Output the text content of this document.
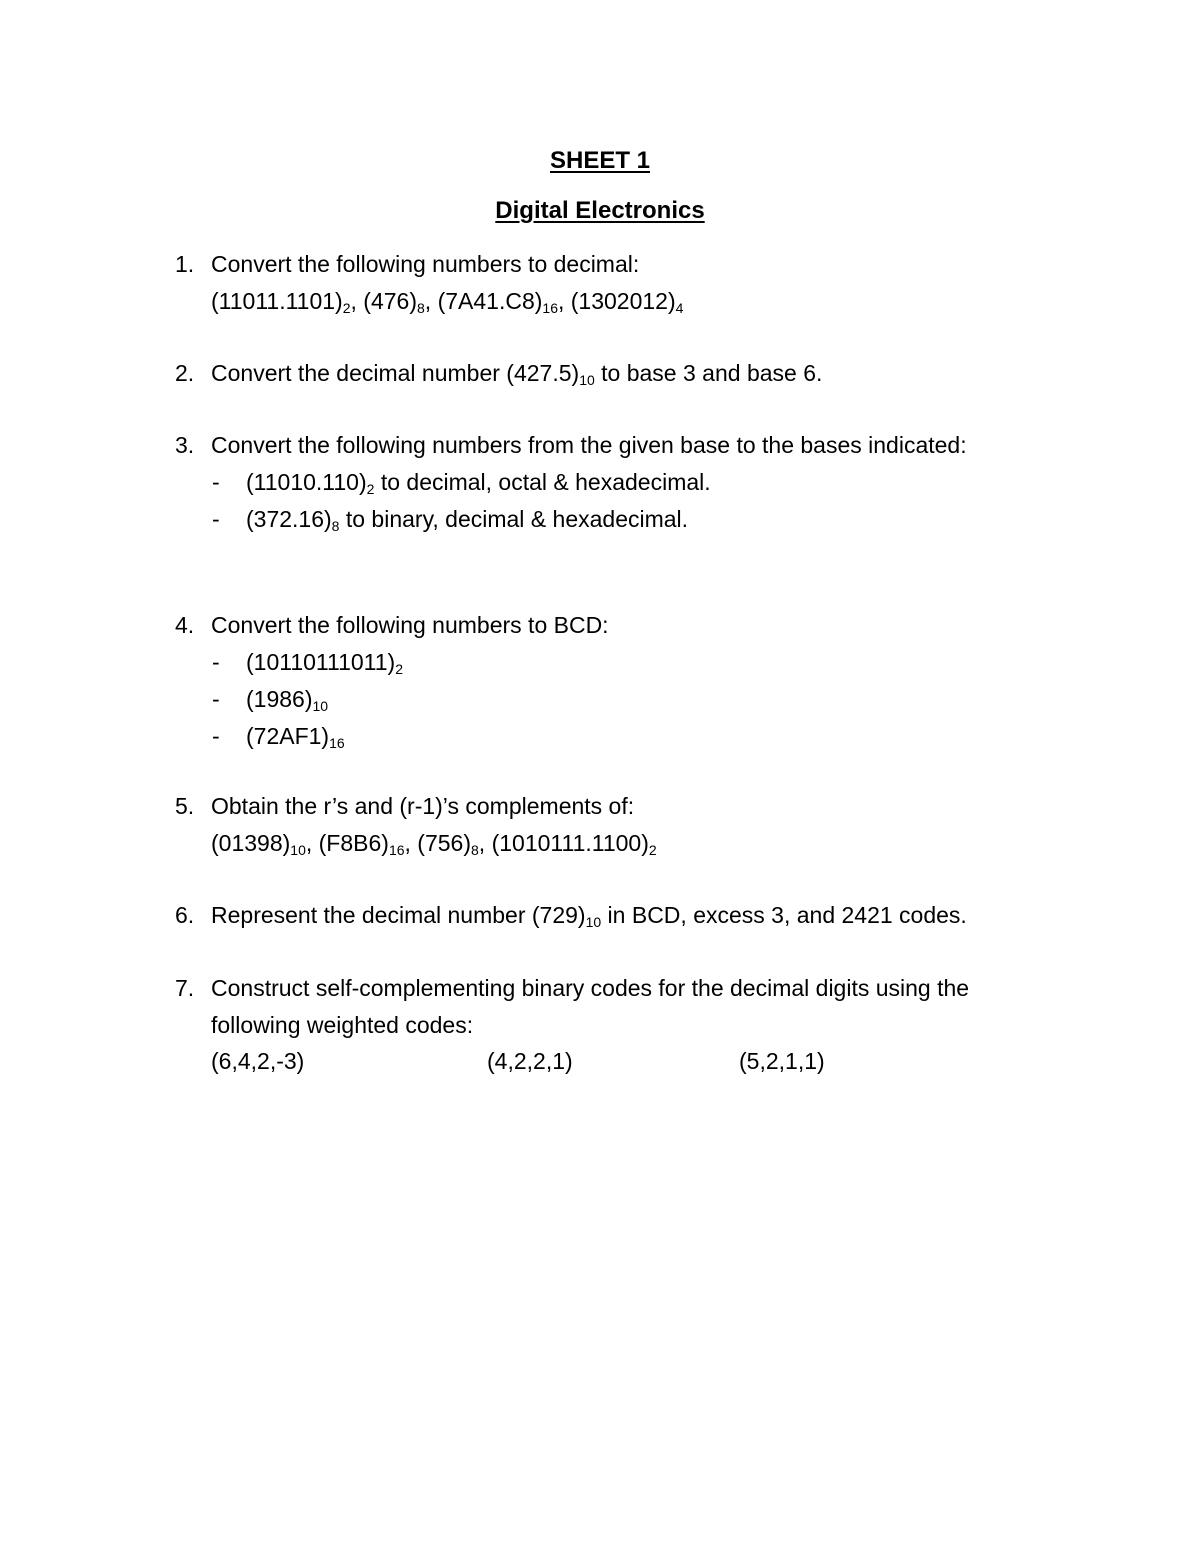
SHEET 1
Digital Electronics
1. Convert the following numbers to decimal:
$(11011.1101)_2$, $(476)_8$, $(7A41.C8)_{16}$, $(1302012)_4$
2. Convert the decimal number $(427.5)_{10}$ to base 3 and base 6.
3. Convert the following numbers from the given base to the bases indicated:
- $(11010.110)_2$ to decimal, octal & hexadecimal.
- $(372.16)_8$ to binary, decimal & hexadecimal.
4. Convert the following numbers to BCD:
- $(10110111011)_2$
- $(1986)_{10}$
- $(72AF1)_{16}$
5. Obtain the r’s and (r-1)’s complements of:
$(01398)_{10}$, $(F8B6)_{16}$, $(756)_8$, $(1010111.1100)_2$
6. Represent the decimal number $(729)_{10}$ in BCD, excess 3, and 2421 codes.
7. Construct self-complementing binary codes for the decimal digits using the
following weighted codes:
(6,4,2,-3)	(4,2,2,1)	(5,2,1,1)
